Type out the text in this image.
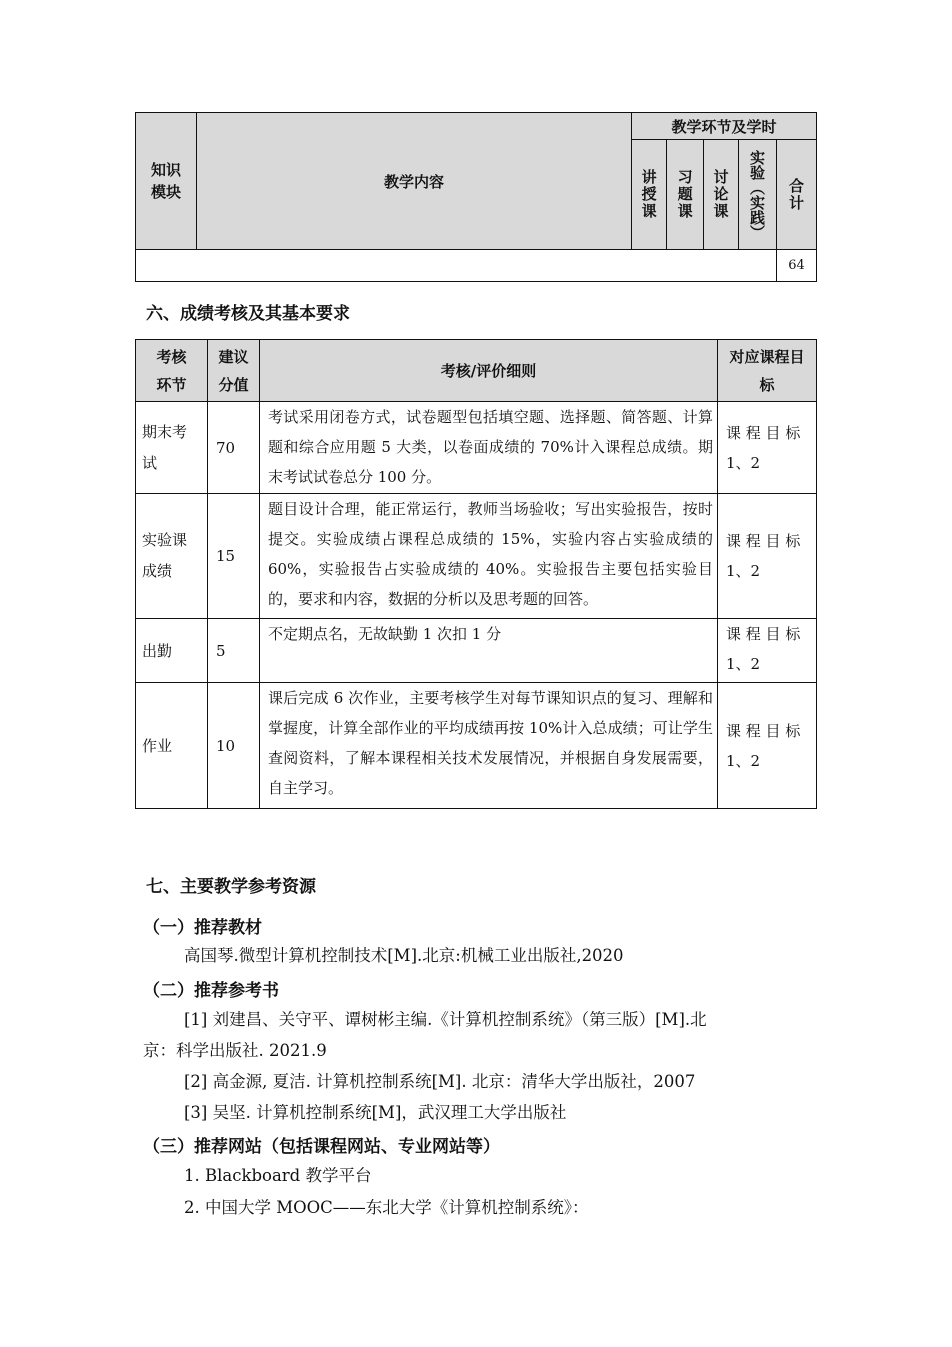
知识模块	教学内容	教学环节及学时				

		讲授课	习题课	讨论课	实验（实践）	合计

						64
六、成绩考核及其基本要求
考核环节	建议分值	考核/评价细则	对应课程目标

期末考试	70	考试采用闭卷方式，试卷题型包括填空题、选择题、简答题、计算题和综合应用题 5 大类，以卷面成绩的 70%计入课程总成绩。期末考试试卷总分 100 分。	课 程 目 标 1、2

实验课成绩	15	题目设计合理，能正常运行，教师当场验收；写出实验报告，按时提交。实验成绩占课程总成绩的 15%，实验内容占实验成绩的 60%，实验报告占实验成绩的 40%。实验报告主要包括实验目的，要求和内容，数据的分析以及思考题的回答。	课 程 目 标 1、2
出勤	5	不定期点名，无故缺勤 1 次扣 1 分	课 程 目 标 1、2
作业	10	课后完成 6 次作业，主要考核学生对每节课知识点的复习、理解和掌握度，计算全部作业的平均成绩再按 10%计入总成绩；可让学生查阅资料，了解本课程相关技术发展情况，并根据自身发展需要，自主学习。	课 程 目 标 1、2
七、主要教学参考资源
（一）推荐教材
高国琴.微型计算机控制技术[M].北京:机械工业出版社,2020
（二）推荐参考书
[1] 刘建昌、关守平、谭树彬主编.《计算机控制系统》（第三版）[M].北
京：科学出版社. 2021.9
[2] 高金源, 夏洁. 计算机控制系统[M]. 北京：清华大学出版社，2007
[3] 吴坚. 计算机控制系统[M]，武汉理工大学出版社
（三）推荐网站（包括课程网站、专业网站等）
1. Blackboard 教学平台
2. 中国大学 MOOC——东北大学《计算机控制系统》：
